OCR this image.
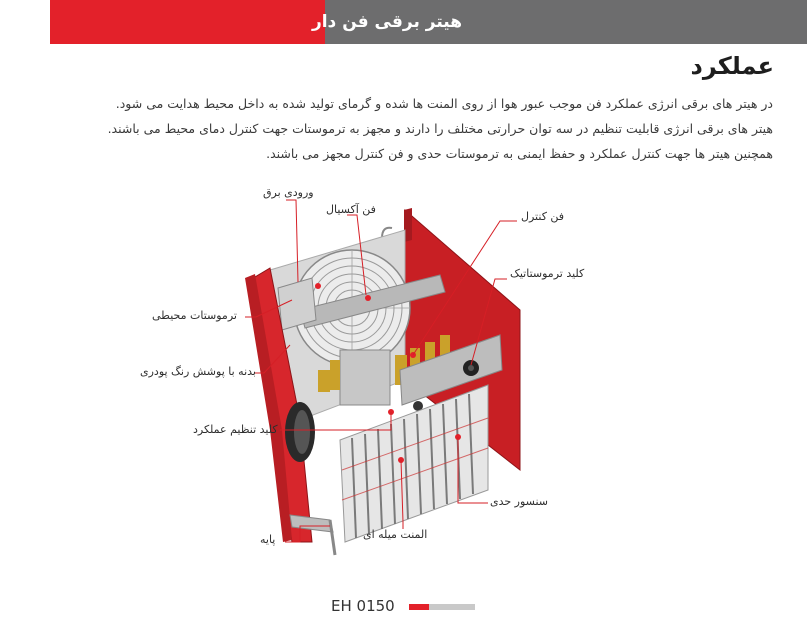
هیتر برقی فن دار
عملکرد

در هیتر های برقی انرژی عملکرد فن موجب عبور هوا از روی المنت ها شده و گرمای تولید شده به داخل محیط هدایت می شود.

هیتر های برقی انرژی قابلیت تنظیم در سه توان حرارتی مختلف را دارند و مجهز به ترموستات جهت کنترل دمای محیط می باشند.

همچنین هیتر ها جهت کنترل عملکرد و حفظ ایمنی به ترموستات حدی و فن کنترل مجهز می باشند.

ورودی برق
فن آکسیال
فن کنترل
کلید ترموستاتیک
ترموستات محیطی
بدنه با پوشش رنگ پودری
کلید تنظیم عملکرد
سنسور حدی
المنت میله ای
پایه
EH 0150
